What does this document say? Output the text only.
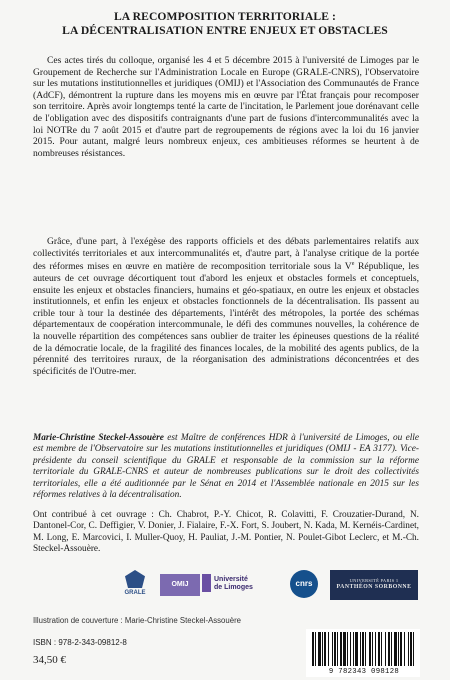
LA RECOMPOSITION TERRITORIALE :
LA DÉCENTRALISATION ENTRE ENJEUX ET OBSTACLES
Ces actes tirés du colloque, organisé les 4 et 5 décembre 2015 à l'université de Limoges par le Groupement de Recherche sur l'Administration Locale en Europe (GRALE-CNRS), l'Observatoire sur les mutations institutionnelles et juridiques (OMIJ) et l'Association des Communautés de France (AdCF), démontrent la rupture dans les moyens mis en œuvre par l'État français pour recomposer son territoire. Après avoir longtemps tenté la carte de l'incitation, le Parlement joue dorénavant celle de l'obligation avec des dispositifs contraignants d'une part de fusions d'intercommunalités avec la loi NOTRe du 7 août 2015 et d'autre part de regroupements de régions avec la loi du 16 janvier 2015. Pour autant, malgré leurs nombreux enjeux, ces ambitieuses réformes se heurtent à de nombreuses résistances.
Grâce, d'une part, à l'exégèse des rapports officiels et des débats parlementaires relatifs aux collectivités territoriales et aux intercommunalités et, d'autre part, à l'analyse critique de la portée des réformes mises en œuvre en matière de recomposition territoriale sous la Ve République, les auteurs de cet ouvrage décortiquent tout d'abord les enjeux et obstacles formels et conceptuels, ensuite les enjeux et obstacles financiers, humains et géo-spatiaux, en outre les enjeux et obstacles institutionnels, et enfin les enjeux et obstacles fonctionnels de la décentralisation. Ils passent au crible tour à tour la destinée des départements, l'intérêt des métropoles, la portée des schémas départementaux de coopération intercommunale, le défi des communes nouvelles, la cohérence de la nouvelle répartition des compétences sans oublier de traiter les épineuses questions de la réalité de la démocratie locale, de la fragilité des finances locales, de la mobilité des agents publics, de la pérennité des territoires ruraux, de la réorganisation des administrations déconcentrées et des spécificités de l'Outre-mer.
Marie-Christine Steckel-Assouère est Maître de conférences HDR à l'université de Limoges, ou elle est membre de l'Observatoire sur les mutations institutionnelles et juridiques (OMIJ - EA 3177). Vice-présidente du conseil scientifique du GRALE et responsable de la commission sur la réforme territoriale du GRALE-CNRS et auteur de nombreuses publications sur le droit des collectivités territoriales, elle a été auditionnée par le Sénat en 2014 et l'Assemblée nationale en 2015 sur les réformes relatives à la décentralisation.
Ont contribué à cet ouvrage : Ch. Chabrot, P.-Y. Chicot, R. Colavitti, F. Crouzatier-Durand, N. Dantonel-Cor, C. Deffigier, V. Donier, J. Fialaire, F.-X. Fort, S. Joubert, N. Kada, M. Kernéis-Cardinet, M. Long, E. Marcovici, I. Muller-Quoy, H. Pauliat, J.-M. Pontier, N. Poulet-Gibot Leclerc, et M.-Ch. Steckel-Assouère.
GRALE
OMIJ
Université de Limoges	cnrs	UNIVERSITÉ PARIS 1
PANTHÉON SORBONNE
Illustration de couverture : Marie-Christine Steckel-Assouère
ISBN : 978-2-343-09812-8
34,50 €
9 782343 098128
